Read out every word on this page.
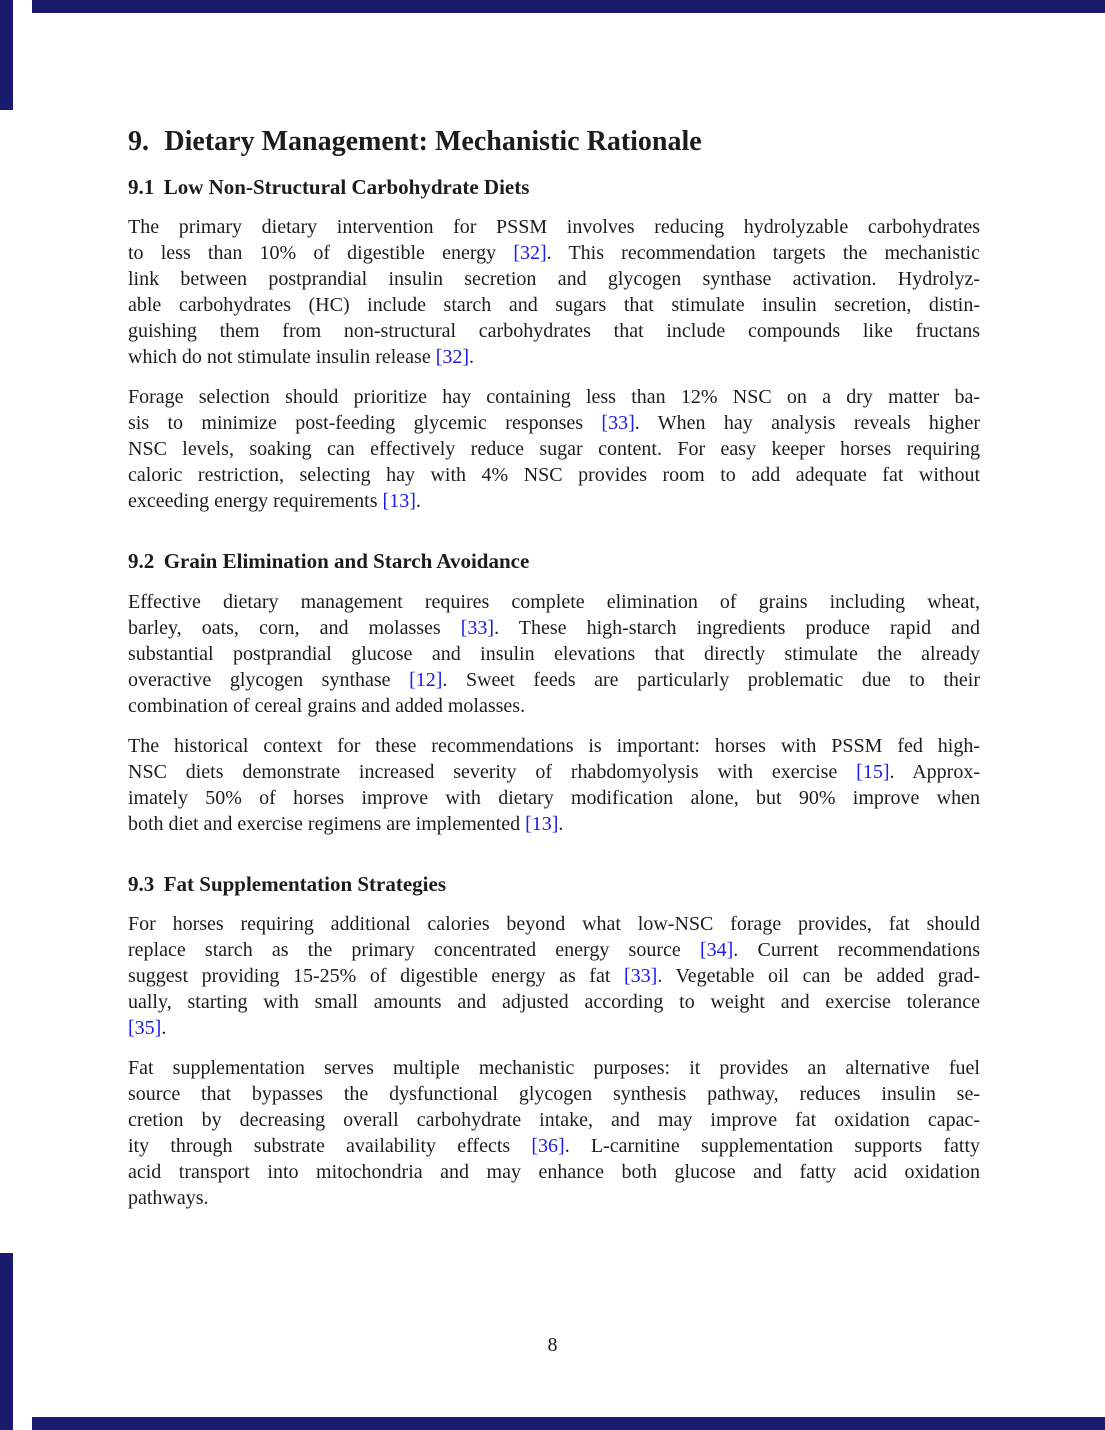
9. Dietary Management: Mechanistic Rationale
9.1 Low Non-Structural Carbohydrate Diets
The primary dietary intervention for PSSM involves reducing hydrolyzable carbohydrates
to less than 10% of digestible energy [32]. This recommendation targets the mechanistic
link between postprandial insulin secretion and glycogen synthase activation. Hydrolyz-
able carbohydrates (HC) include starch and sugars that stimulate insulin secretion, distin-
guishing them from non-structural carbohydrates that include compounds like fructans
which do not stimulate insulin release [32].
Forage selection should prioritize hay containing less than 12% NSC on a dry matter ba-
sis to minimize post-feeding glycemic responses [33]. When hay analysis reveals higher
NSC levels, soaking can effectively reduce sugar content. For easy keeper horses requiring
caloric restriction, selecting hay with 4% NSC provides room to add adequate fat without
exceeding energy requirements [13].
9.2 Grain Elimination and Starch Avoidance
Effective dietary management requires complete elimination of grains including wheat,
barley, oats, corn, and molasses [33]. These high-starch ingredients produce rapid and
substantial postprandial glucose and insulin elevations that directly stimulate the already
overactive glycogen synthase [12]. Sweet feeds are particularly problematic due to their
combination of cereal grains and added molasses.
The historical context for these recommendations is important: horses with PSSM fed high-
NSC diets demonstrate increased severity of rhabdomyolysis with exercise [15]. Approx-
imately 50% of horses improve with dietary modification alone, but 90% improve when
both diet and exercise regimens are implemented [13].
9.3 Fat Supplementation Strategies
For horses requiring additional calories beyond what low-NSC forage provides, fat should
replace starch as the primary concentrated energy source [34]. Current recommendations
suggest providing 15-25% of digestible energy as fat [33]. Vegetable oil can be added grad-
ually, starting with small amounts and adjusted according to weight and exercise tolerance
[35].
Fat supplementation serves multiple mechanistic purposes: it provides an alternative fuel
source that bypasses the dysfunctional glycogen synthesis pathway, reduces insulin se-
cretion by decreasing overall carbohydrate intake, and may improve fat oxidation capac-
ity through substrate availability effects [36]. L-carnitine supplementation supports fatty
acid transport into mitochondria and may enhance both glucose and fatty acid oxidation
pathways.
8
